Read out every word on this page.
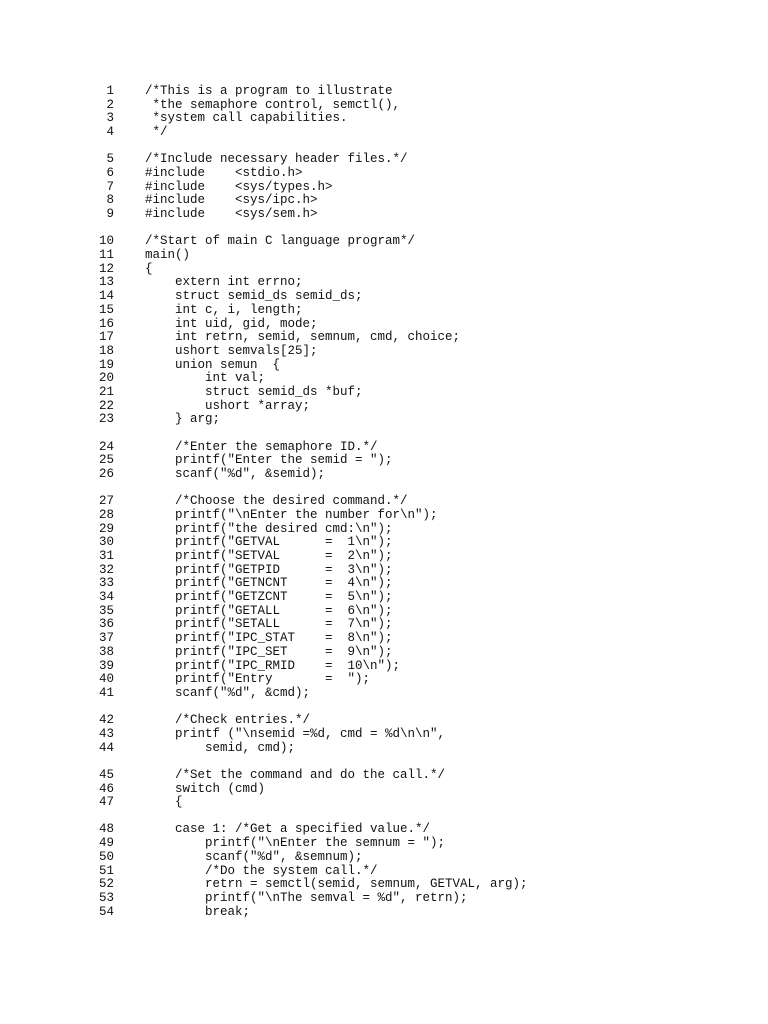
1 /*This is a program to illustrate
2 *the semaphore control, semctl(),
3 *system call capabilities.
4 */
5 /*Include necessary header files.*/
6 #include    <stdio.h>
7 #include    <sys/types.h>
8 #include    <sys/ipc.h>
9 #include    <sys/sem.h>
10 /*Start of main C language program*/
11 main()
12 {
13 extern int errno;
14 struct semid_ds semid_ds;
15 int c, i, length;
16 int uid, gid, mode;
17 int retrn, semid, semnum, cmd, choice;
18 ushort semvals[25];
19 union semun  {
20 int val;
21 struct semid_ds *buf;
22 ushort *array;
23 } arg;
24 /*Enter the semaphore ID.*/
25 printf("Enter the semid = ");
26 scanf("%d", &semid);
27 /*Choose the desired command.*/
28 printf("\nEnter the number for\n");
29 printf("the desired cmd:\n");
30 printf("GETVAL      =  1\n");
31 printf("SETVAL      =  2\n");
32 printf("GETPID      =  3\n");
33 printf("GETNCNT     =  4\n");
34 printf("GETZCNT     =  5\n");
35 printf("GETALL      =  6\n");
36 printf("SETALL      =  7\n");
37 printf("IPC_STAT    =  8\n");
38 printf("IPC_SET     =  9\n");
39 printf("IPC_RMID    =  10\n");
40 printf("Entry       =  ");
41 scanf("%d", &cmd);
42 /*Check entries.*/
43 printf ("\nsemid =%d, cmd = %d\n\n",
44 semid, cmd);
45 /*Set the command and do the call.*/
46 switch (cmd)
47 {
48 case 1: /*Get a specified value.*/
49 printf("\nEnter the semnum = ");
50 scanf("%d", &semnum);
51 /*Do the system call.*/
52 retrn = semctl(semid, semnum, GETVAL, arg);
53 printf("\nThe semval = %d", retrn);
54 break;
